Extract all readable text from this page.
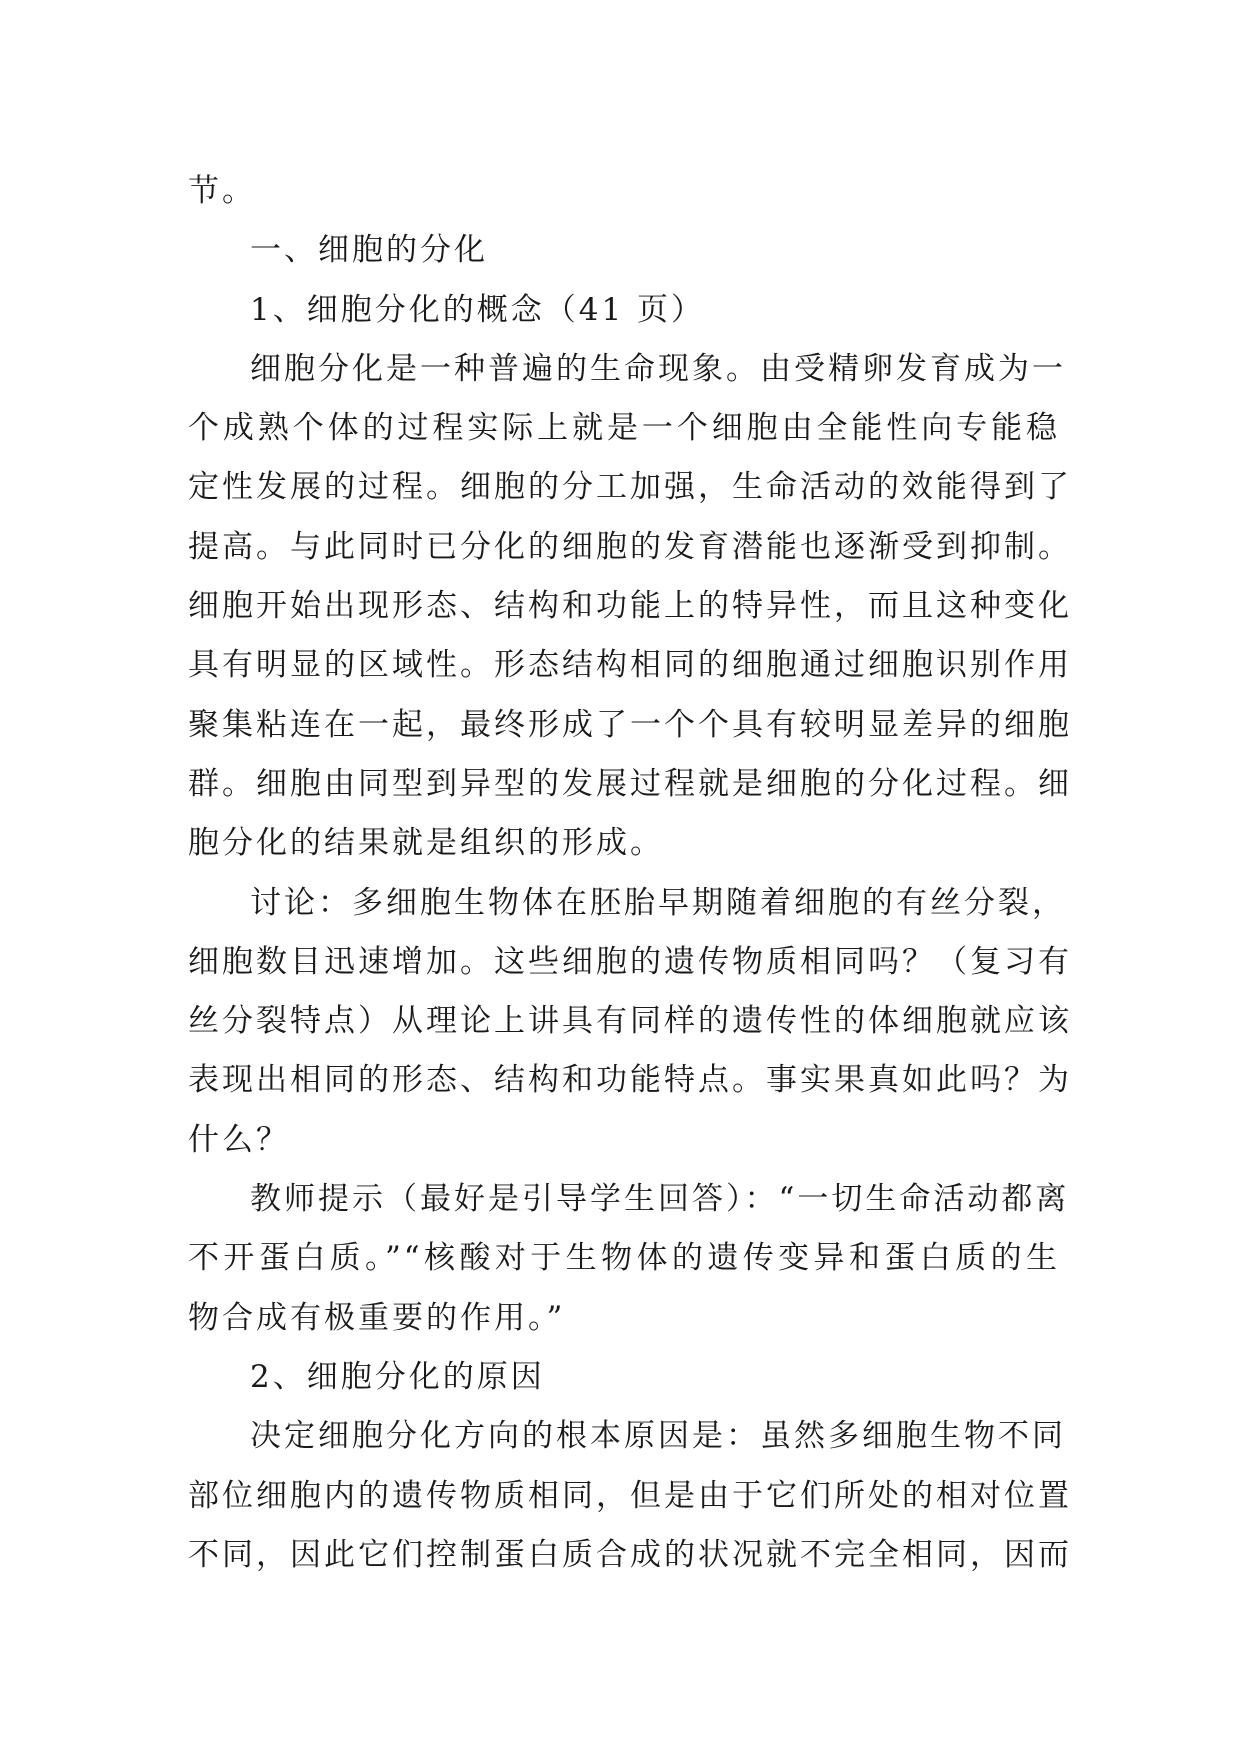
节。
一、细胞的分化
1、细胞分化的概念（41 页）
细胞分化是一种普遍的生命现象。由受精卵发育成为一
个成熟个体的过程实际上就是一个细胞由全能性向专能稳
定性发展的过程。细胞的分工加强，生命活动的效能得到了
提高。与此同时已分化的细胞的发育潜能也逐渐受到抑制。
细胞开始出现形态、结构和功能上的特异性，而且这种变化
具有明显的区域性。形态结构相同的细胞通过细胞识别作用
聚集粘连在一起，最终形成了一个个具有较明显差异的细胞
群。细胞由同型到异型的发展过程就是细胞的分化过程。细
胞分化的结果就是组织的形成。
讨论：多细胞生物体在胚胎早期随着细胞的有丝分裂，
细胞数目迅速增加。这些细胞的遗传物质相同吗？（复习有
丝分裂特点）从理论上讲具有同样的遗传性的体细胞就应该
表现出相同的形态、结构和功能特点。事实果真如此吗？为
什么？
教师提示（最好是引导学生回答）：“一切生命活动都离
不开蛋白质。”“核酸对于生物体的遗传变异和蛋白质的生
物合成有极重要的作用。”
2、细胞分化的原因
决定细胞分化方向的根本原因是：虽然多细胞生物不同
部位细胞内的遗传物质相同，但是由于它们所处的相对位置
不同，因此它们控制蛋白质合成的状况就不完全相同，因而
